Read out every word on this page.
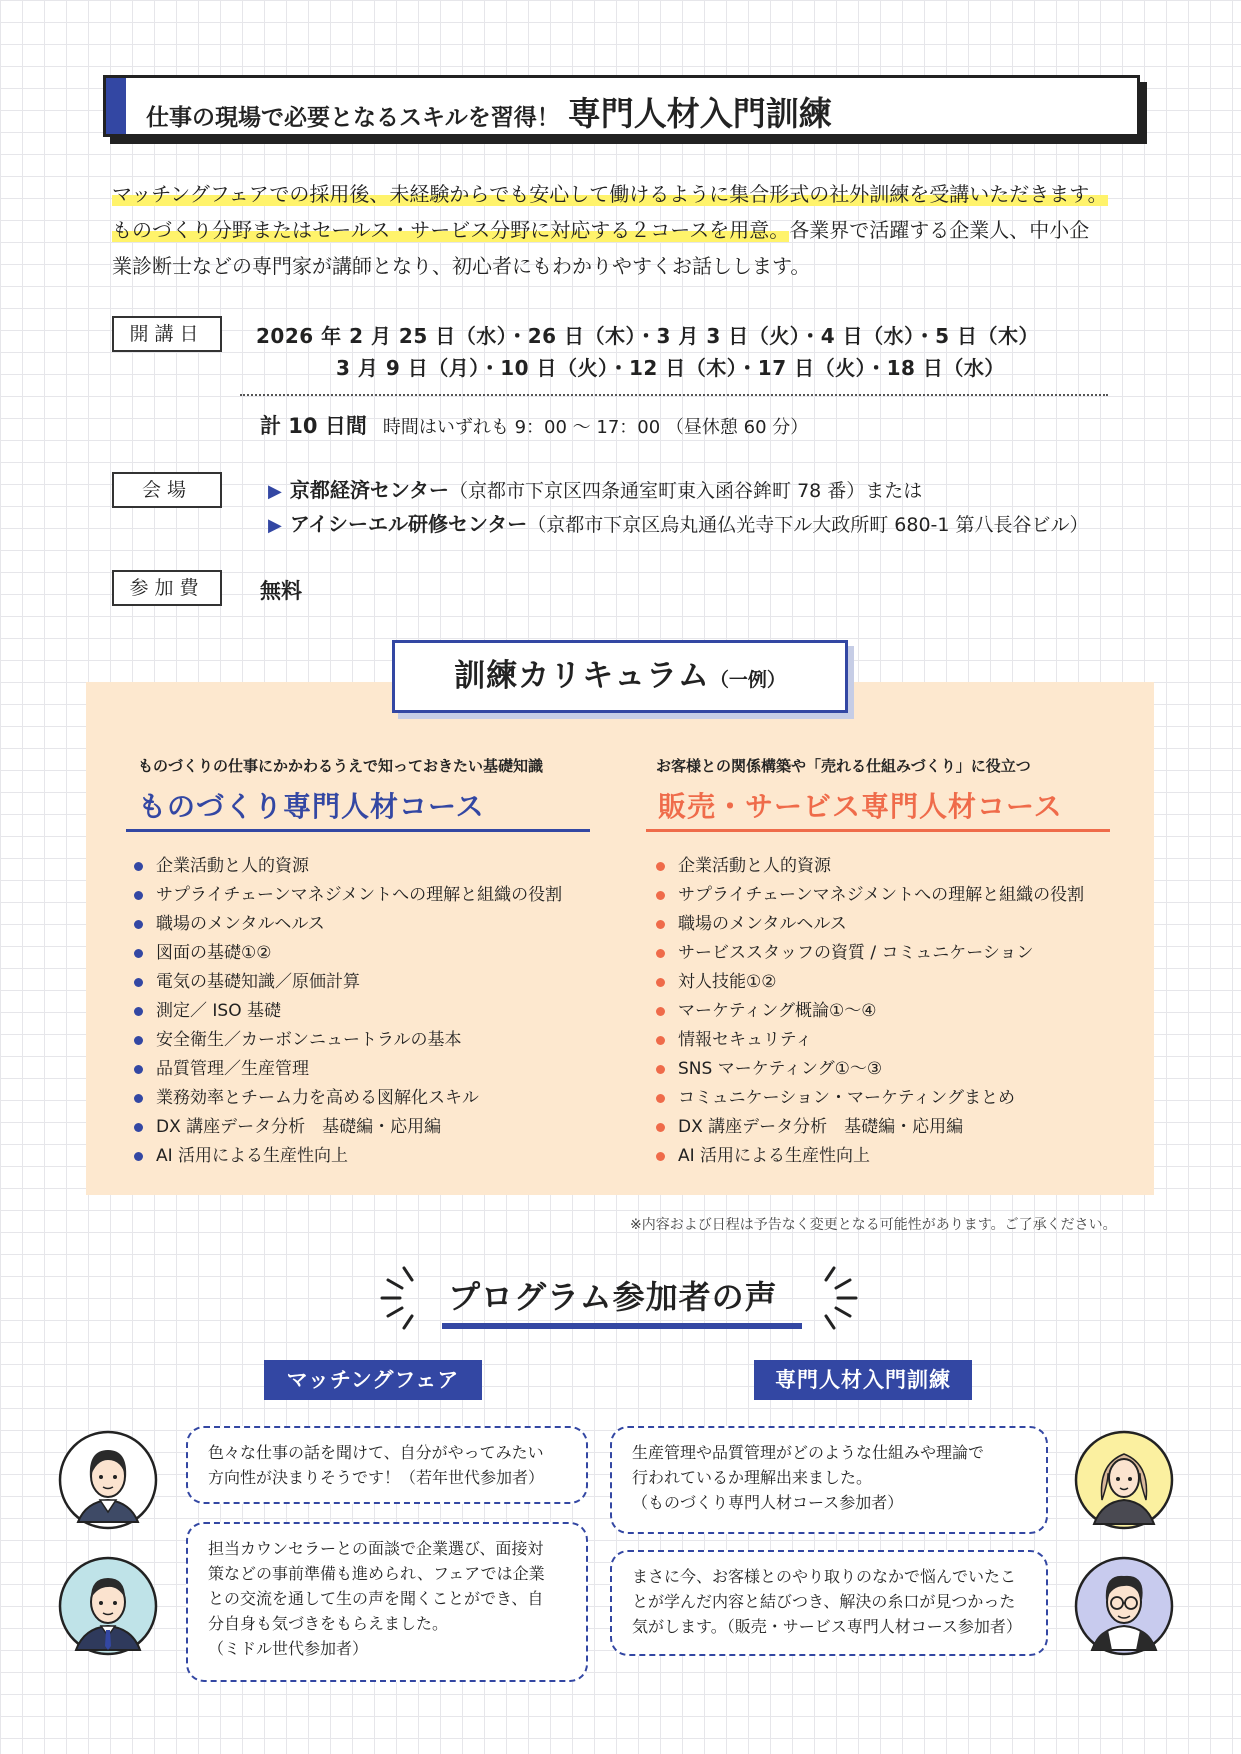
仕事の現場で必要となるスキルを習得！ 専門人材入門訓練
マッチングフェアでの採用後、未経験からでも安心して働けるように集合形式の社外訓練を受講いただきます。
ものづくり分野またはセールス・サービス分野に対応する２コースを用意。各業界で活躍する企業人、中小企
業診断士などの専門家が講師となり、初心者にもわかりやすくお話しします。
開講日	2026 年 2 月 25 日（水）・26 日（木）・3 月 3 日（火）・4 日（水）・5 日（木）
3 月 9 日（月）・10 日（火）・12 日（木）・17 日（火）・18 日（水）
計 10 日間 時間はいずれも 9：00 ～ 17：00 （昼休憩 60 分）
会場	▶ 京都経済センター（京都市下京区四条通室町東入函谷鉾町 78 番）または
▶ アイシーエル研修センター（京都市下京区烏丸通仏光寺下ル大政所町 680-1 第八長谷ビル）
参加費	無料
訓練カリキュラム（一例）
ものづくりの仕事にかかわるうえで知っておきたい基礎知識
ものづくり専門人材コース
企業活動と人的資源
サプライチェーンマネジメントへの理解と組織の役割
職場のメンタルヘルス
図面の基礎①②
電気の基礎知識／原価計算
測定／ ISO 基礎
安全衛生／カーボンニュートラルの基本
品質管理／生産管理
業務効率とチーム力を高める図解化スキル
DX 講座データ分析　基礎編・応用編
AI 活用による生産性向上
お客様との関係構築や「売れる仕組みづくり」に役立つ
販売・サービス専門人材コース
企業活動と人的資源
サプライチェーンマネジメントへの理解と組織の役割
職場のメンタルヘルス
サービススタッフの資質 / コミュニケーション
対人技能①②
マーケティング概論①～④
情報セキュリティ
SNS マーケティング①～③
コミュニケーション・マーケティングまとめ
DX 講座データ分析　基礎編・応用編
AI 活用による生産性向上
※内容および日程は予告なく変更となる可能性があります。ご了承ください。
プログラム参加者の声
マッチングフェア	専門人材入門訓練

色々な仕事の話を聞けて、自分がやってみたい

方向性が決まりそうです！（若年世代参加者）

担当カウンセラーとの面談で企業選び、面接対

策などの事前準備も進められ、フェアでは企業

との交流を通して生の声を聞くことができ、自

分自身も気づきをもらえました。

（ミドル世代参加者）

生産管理や品質管理がどのような仕組みや理論で

行われているか理解出来ました。

（ものづくり専門人材コース参加者）

まさに今、お客様とのやり取りのなかで悩んでいたこ

とが学んだ内容と結びつき、解決の糸口が見つかった

気がします。（販売・サービス専門人材コース参加者）
